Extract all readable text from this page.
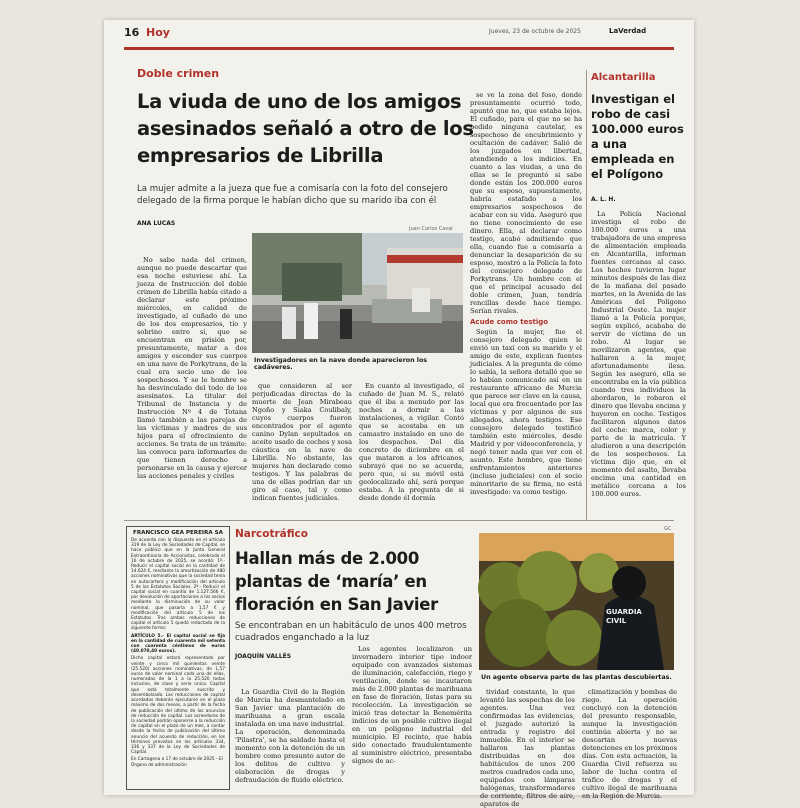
16 Hoy	Jueves, 23 de octubre de 2025	LaVerdad
Doble crimen
La viuda de uno de los amigos asesinados señaló a otro de los empresarios de Librilla
La mujer admite a la jueza que fue a comisaría con la foto del consejero delegado de la firma porque le habían dicho que su marido iba con él
ANA LUCAS
Juan Carlos Caval
Investigadores en la nave donde aparecieron los cadáveres.

No sabe nada del crimen, aunque no puede descartar que esa noche estuviese ahí. La jueza de Instrucción del doble crimen de Librilla había citado a declarar este próximo miércoles, en calidad de investigado, al cuñado de uno de los dos empresarios, tío y sobrino entre sí, que se encuentran en prisión por, presuntamente, matar a dos amigos y esconder sus cuerpos en una nave de Porkytrans, de la cual era socio uno de los sospechosos. Y se le hombre se ha desvinculado del todo de los asesinatos. La titular del Tribunal de Instancia y de Instrucción Nº 4 de Totana llamó también a las parejas de las víctimas y madres de sus hijos para el ofrecimiento de acciones. Se trata de un trámite: las convoca para informarles de que tienen derecho a personarse en la causa y ejercer las acciones penales y civiles

que consideren al ser perjudicadas directas de la muerte de Jean Mirabeau Ngoño y Siaka Coulibaly, cuyos cuerpos fueron encontrados por el agente canino Dylan sepultados en aceite usado de coches y sosa cáustica en la nave de Librilla. No obstante, las mujeres han declarado como testigos. Y las palabras de una de ellas podrían dar un giro al caso, tal y como indican fuentes judiciales.

En cuanto al investigado, el cuñado de Juan M. S., relató que él iba a menudo por las noches a dormir a las instalaciones, a vigilar. Contó que se acostaba en un camastro instalado en uno de los despachos. Del día concreto de diciembre en el que mataron a los africanos, subrayó que no se acuerda, pero que, si su móvil está geolocalizado ahí, será porque estaba. A la pregunta de si desde donde él dormía

se ve la zona del foso, donde presuntamente ocurrió todo, apuntó que no, que estaba lejos. El cuñado, para el que no se ha pedido ninguna cautelar, es sospechoso de encubrimiento y ocultación de cadáver. Salió de los juzgados en libertad, atendiendo a los indicios. En cuanto a las viudas, a una de ellas se le preguntó si sabe donde están los 200.000 euros que su esposo, supuestamente, habría estafado a los empresarios sospechosos de acabar con su vida. Aseguró que no tiene conocimiento de ese dinero. Ella, al declarar como testigo, acabó admitiendo que ella, cuando fue a comisaría a denunciar la desaparición de su esposo, mostró a la Policía la foto del consejero delegado de Porkytrans. Un hombre con el que el principal acusado del doble crimen, Juan, tendría rencillas desde hace tiempo. Serían rivales.

Acude como testigo

Según la mujer, fue el consejero delegado quien le envió un taxi con su marido y el amigo de este, explican fuentes judiciales. A la pregunta de cómo lo sabía, la señora detalló que se lo habían comunicado así en un restaurante africano de Murcia que parece ser clave en la causa, local que era frecuentado por las víctimas y por algunos de sus allegados, ahora testigos. Ese consejero delegado testificó también este miércoles, desde Madrid y por videoconferencia, y negó tener nada que ver con el asunto. Este hombre, que tiene enfrentamientos anteriores (incluso judiciales) con el socio minoritario de su firma, no está investigado: va como testigo.

Alcantarilla
Investigan el robo de casi 100.000 euros a una empleada en el Polígono
A. L. H.

La Policía Nacional investiga el robo de 100.000 euros a una trabajadora de una empresa de alimentación empleada en Alcantarilla, informan fuentes cercanas al caso. Los hechos tuvieron lugar minutos después de las diez de la mañana del pasado martes, en la Avenida de las Américas del Polígono Industrial Oeste. La mujer llamó a la Policía porque, según explicó, acababa de servir de víctima de un robo. Al lugar se movilizaron agentes, que hallaron a la mujer, afortunadamente ilesa. Según les aseguró, ella se encontraba en la vía pública cuando tres individuos la abordaron, le robaron el dinero que llevaba encima y huyeron en coche. Testigos facilitaron algunos datos del coche: marca, color y parte de la matrícula. Y aludieron a una descripción de los sospechosos. La víctima dijo que, en el momento del asalto, llevaba encima una cantidad en metálico cercana a los 100.000 euros.

FRANCISCO GEA PEREIRA SA
De acuerdo con lo dispuesto en el artículo 319 de la Ley de Sociedades de Capital, se hace público que en la Junta General Extraordinaria de Accionistas, celebrada el 16 de octubre de 2025, se acordó: 1º.- Reducir el capital social en la cantidad de 14.624 €, mediante la amortización de 480 acciones nominativas que la sociedad tenía en autocartera y modificación del artículo 5 de los Estatutos Sociales. 2º.- Reducir el capital social en cuantía de 1.127.566 €, por devolución de aportaciones a los socios mediante la disminución de su valor nominal, que pasaría a 1,57 € y modificación del artículo 5 de los Estatutos. Tras ambas reducciones de capital el artículo 5 quedó redactado de la siguiente forma:
ARTÍCULO 5.- El capital social se fija en la cantidad de cuarenta mil setenta con cuarenta céntimos de euros (40.070,40 euros).
Dicho capital estará representado por veinte y cinco mil quinientas veinte (25.520) acciones nominativas, de 1,57 euros de valor nominal cada una de ellas, numeradas de la 1 a la 25.520 todas inclusive, de clase y serie única. Capital que está totalmente suscrito y desembolsado. Las reducciones de capital acordadas deberán ejecutarse en el plazo máximo de dos meses, a partir de la fecha de publicación del último de los anuncios de reducción de capital. Los acreedores de la sociedad podrán oponerse a la reducción de capital en el plazo de un mes, a contar desde la fecha de publicación del último anuncio del acuerdo de reducción, en los términos previstos en los artículos 334, 336 y 337 de la Ley de Sociedades de Capital.
En Cartagena a 17 de octubre de 2025 - El Órgano de administración
Narcotráfico
Hallan más de 2.000 plantas de ‘maría’ en floración en San Javier
Se encontraban en un habitáculo de unos 400 metros cuadrados enganchado a la luz
JOAQUÍN VALLÉS
GC
GUARDIA CIVIL
Un agente observa parte de las plantas descubiertas.

La Guardia Civil de la Región de Murcia ha desmantelado en San Javier una plantación de marihuana a gran escala instalada en una nave industrial. La operación, denominada 'Pilastra', se ha saldado hasta el momento con la detención de un hombre como presunto autor de los delitos de cultivo y elaboración de drogas y defraudación de fluido eléctrico.

Los agentes localizaron un invernadero interior tipo indoor equipado con avanzados sistemas de iluminación, calefacción, riego y ventilación, donde se incautaron más de 2.000 plantas de marihuana en fase de floración, listas para su recolección. La investigación se inició tras detectar la Benemérita indicios de un posible cultivo ilegal en un polígono industrial del municipio. El recinto, que había sido conectado fraudulentamente al suministro eléctrico, presentaba signos de ac-

tividad constante, lo que levantó las sospechas de los agentes. Una vez confirmadas las evidencias, el juzgado autorizó la entrada y registro del inmueble. En el interior se hallaron las plantas distribuidas en dos habitáculos de unos 200 metros cuadrados cada uno, equipados con lámparas halógenas, transformadores de corriente, filtros de aire, aparatos de

climatización y bombas de riego. La operación concluyó con la detención del presunto responsable, aunque la investigación continúa abierta y no se descartan nuevas detenciones en los próximos días. Con esta actuación, la Guardia Civil refuerza su labor de lucha contra el tráfico de drogas y el cultivo ilegal de marihuana en la Región de Murcia.
